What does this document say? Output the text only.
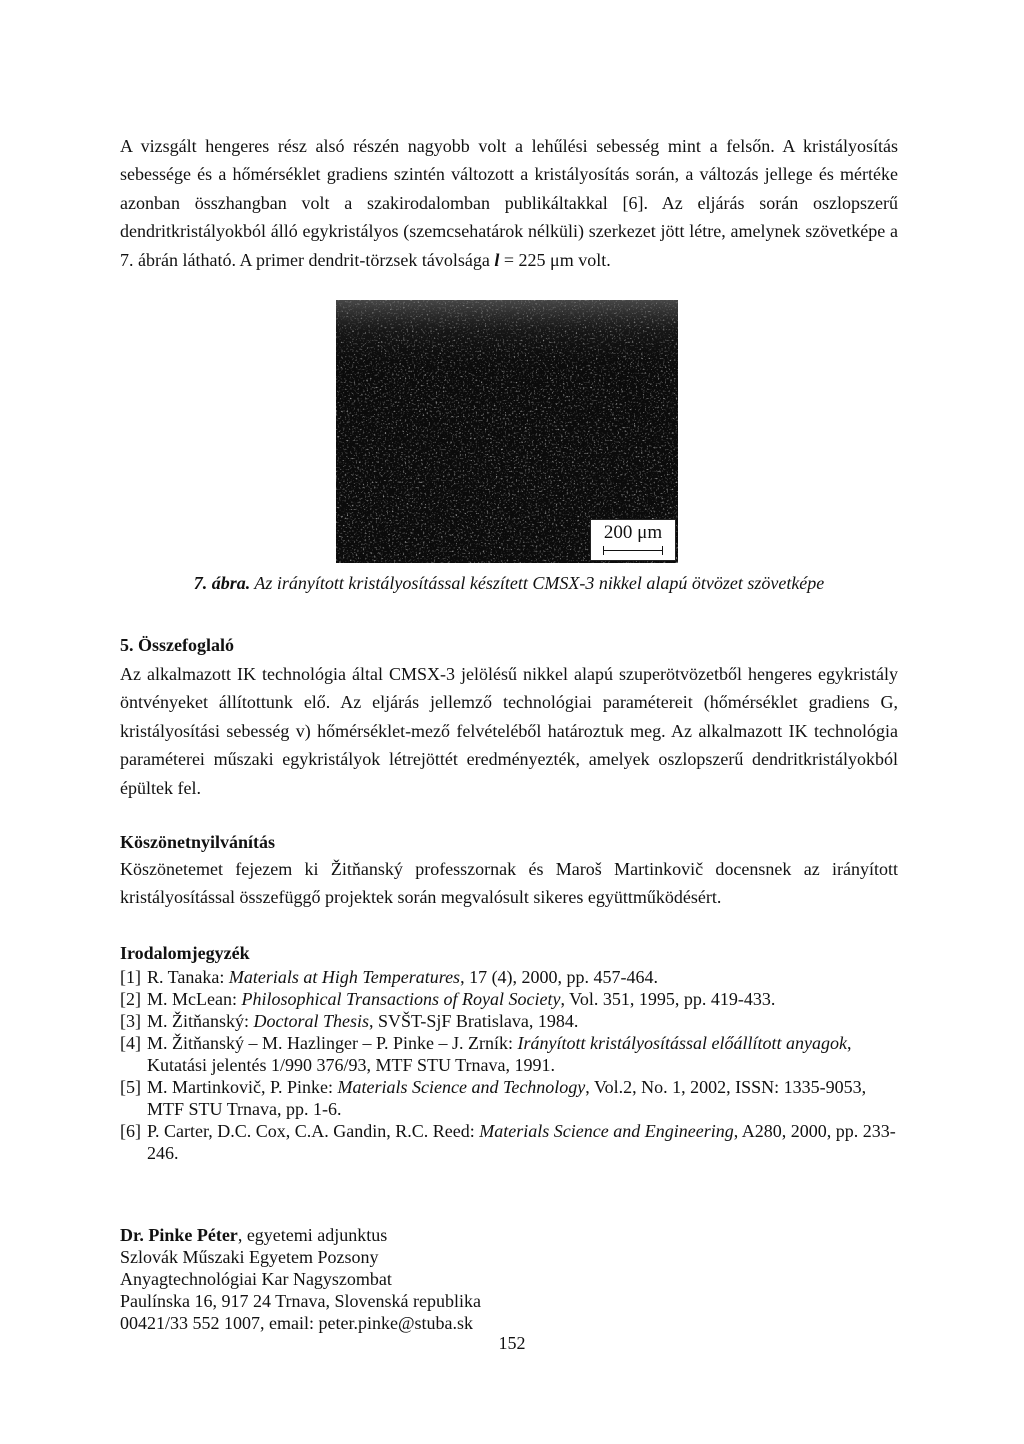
A vizsgált hengeres rész alsó részén nagyobb volt a lehűlési sebesség mint a felsőn. A kristályosítás sebessége és a hőmérséklet gradiens szintén változott a kristályosítás során, a változás jellege és mértéke azonban összhangban volt a szakirodalomban publikáltakkal [6]. Az eljárás során oszlopszerű dendritkristályokból álló egykristályos (szemcsehatárok nélküli) szerkezet jött létre, amelynek szövetképe a 7. ábrán látható. A primer dendrit-törzsek távolsága l = 225 μm volt.

200 μm
7. ábra. Az irányított kristályosítással készített CMSX-3 nikkel alapú ötvözet szövetképe
5. Összefoglaló

Az alkalmazott IK technológia által CMSX-3 jelölésű nikkel alapú szuperötvözetből hengeres egykristály öntvényeket állítottunk elő. Az eljárás jellemző technológiai paramétereit (hőmérséklet gradiens G, kristályosítási sebesség v) hőmérséklet-mező felvételéből határoztuk meg. Az alkalmazott IK technológia paraméterei műszaki egykristályok létrejöttét eredményezték, amelyek oszlopszerű dendritkristályokból épültek fel.

Köszönetnyilvánítás

Köszönetemet fejezem ki Žitňanský professzornak és Maroš Martinkovič docensnek az irányított kristályosítással összefüggő projektek során megvalósult sikeres együttműködésért.

Irodalomjegyzék
[1] R. Tanaka: Materials at High Temperatures, 17 (4), 2000, pp. 457-464.
[2] M. McLean: Philosophical Transactions of Royal Society, Vol. 351, 1995, pp. 419-433.
[3] M. Žitňanský: Doctoral Thesis, SVŠT-SjF Bratislava, 1984.
[4] M. Žitňanský – M. Hazlinger – P. Pinke – J. Zrník: Irányított kristályosítással előállított anyagok, Kutatási jelentés 1/990 376/93, MTF STU Trnava, 1991.
[5] M. Martinkovič, P. Pinke: Materials Science and Technology, Vol.2, No. 1, 2002, ISSN: 1335-9053, MTF STU Trnava, pp. 1-6.
[6] P. Carter, D.C. Cox, C.A. Gandin, R.C. Reed: Materials Science and Engineering, A280, 2000, pp. 233-246.
Dr. Pinke Péter, egyetemi adjunktus
Szlovák Műszaki Egyetem Pozsony
Anyagtechnológiai Kar Nagyszombat
Paulínska 16, 917 24 Trnava, Slovenská republika
00421/33 552 1007, email: peter.pinke@stuba.sk
152
